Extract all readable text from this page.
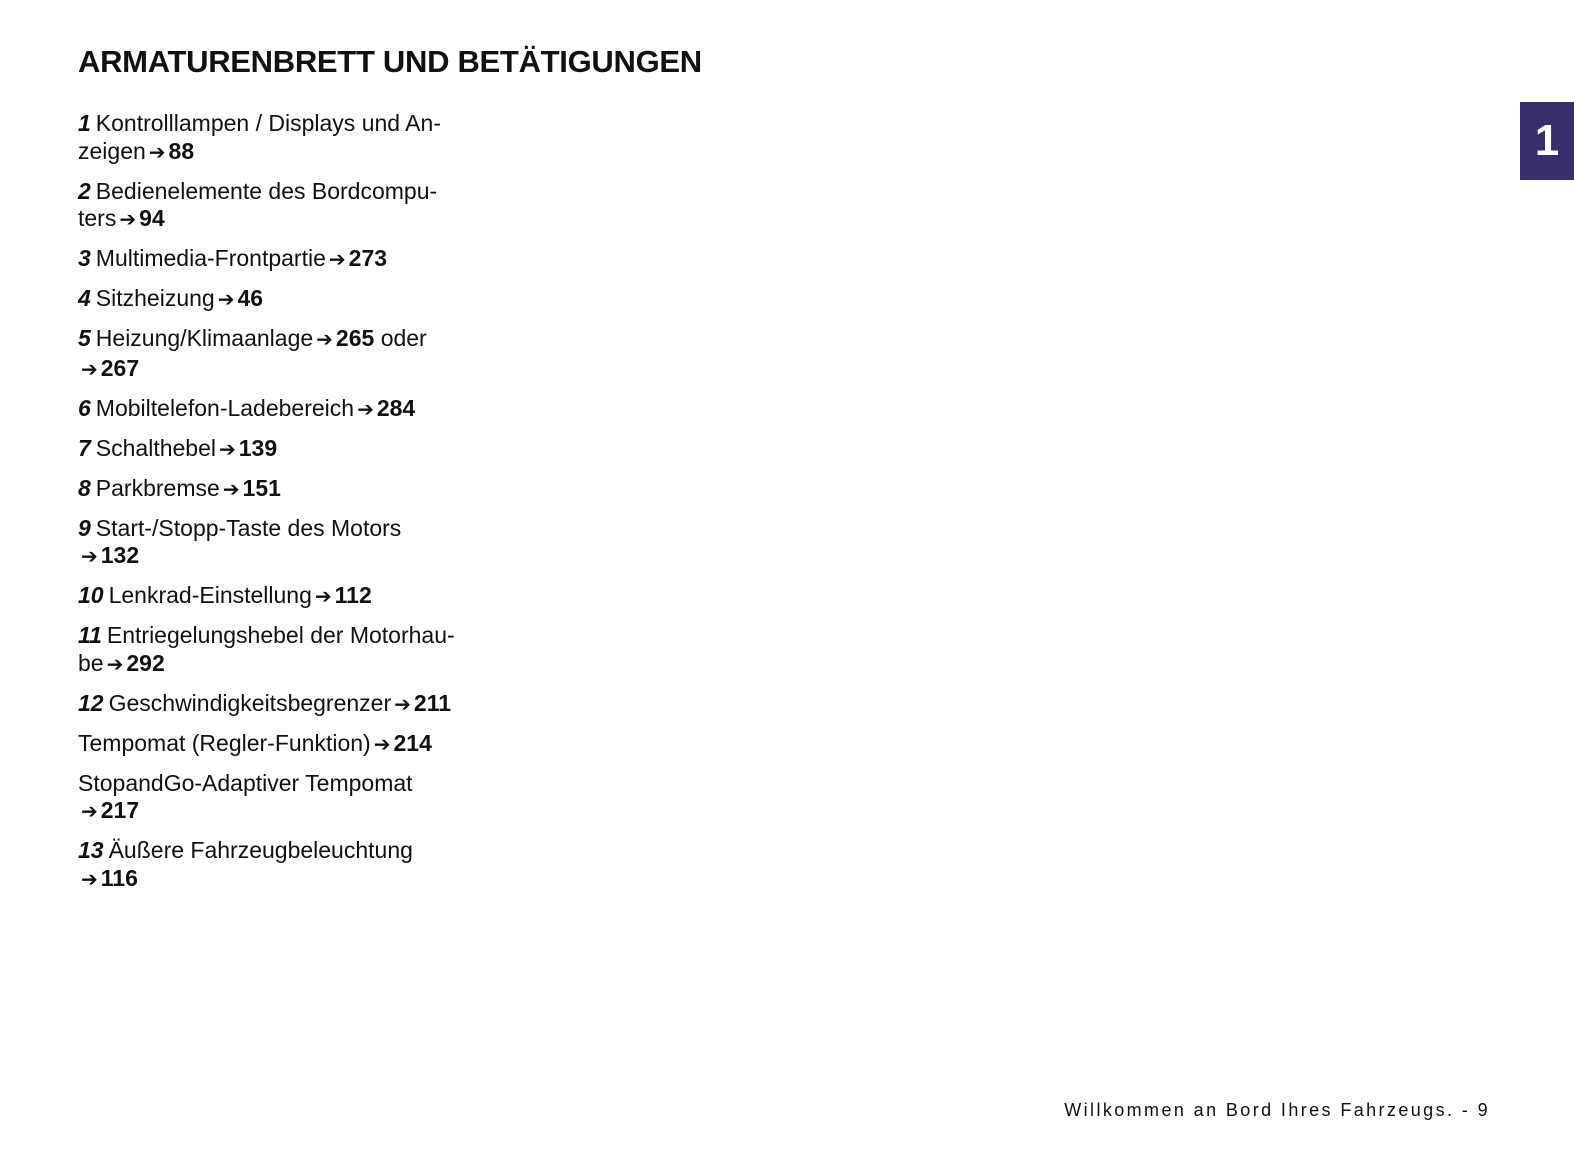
ARMATURENBRETT UND BETÄTIGUNGEN
1
1 Kontrolllampen / Displays und An-
zeigen ➔ 88
2 Bedienelemente des Bordcompu-
ters ➔ 94
3 Multimedia-Frontpartie ➔ 273
4 Sitzheizung ➔ 46
5 Heizung/Klimaanlage ➔ 265 oder
➔ 267
6 Mobiltelefon-Ladebereich ➔ 284
7 Schalthebel ➔ 139
8 Parkbremse ➔ 151
9 Start-/Stopp-Taste des Motors
➔ 132
10 Lenkrad-Einstellung ➔ 112
11 Entriegelungshebel der Motorhau-
be ➔ 292
12 Geschwindigkeitsbegrenzer ➔ 211
Tempomat (Regler-Funktion) ➔ 214
StopandGo-Adaptiver Tempomat
➔ 217
13 Äußere Fahrzeugbeleuchtung
➔ 116
Willkommen an Bord Ihres Fahrzeugs. - 9
